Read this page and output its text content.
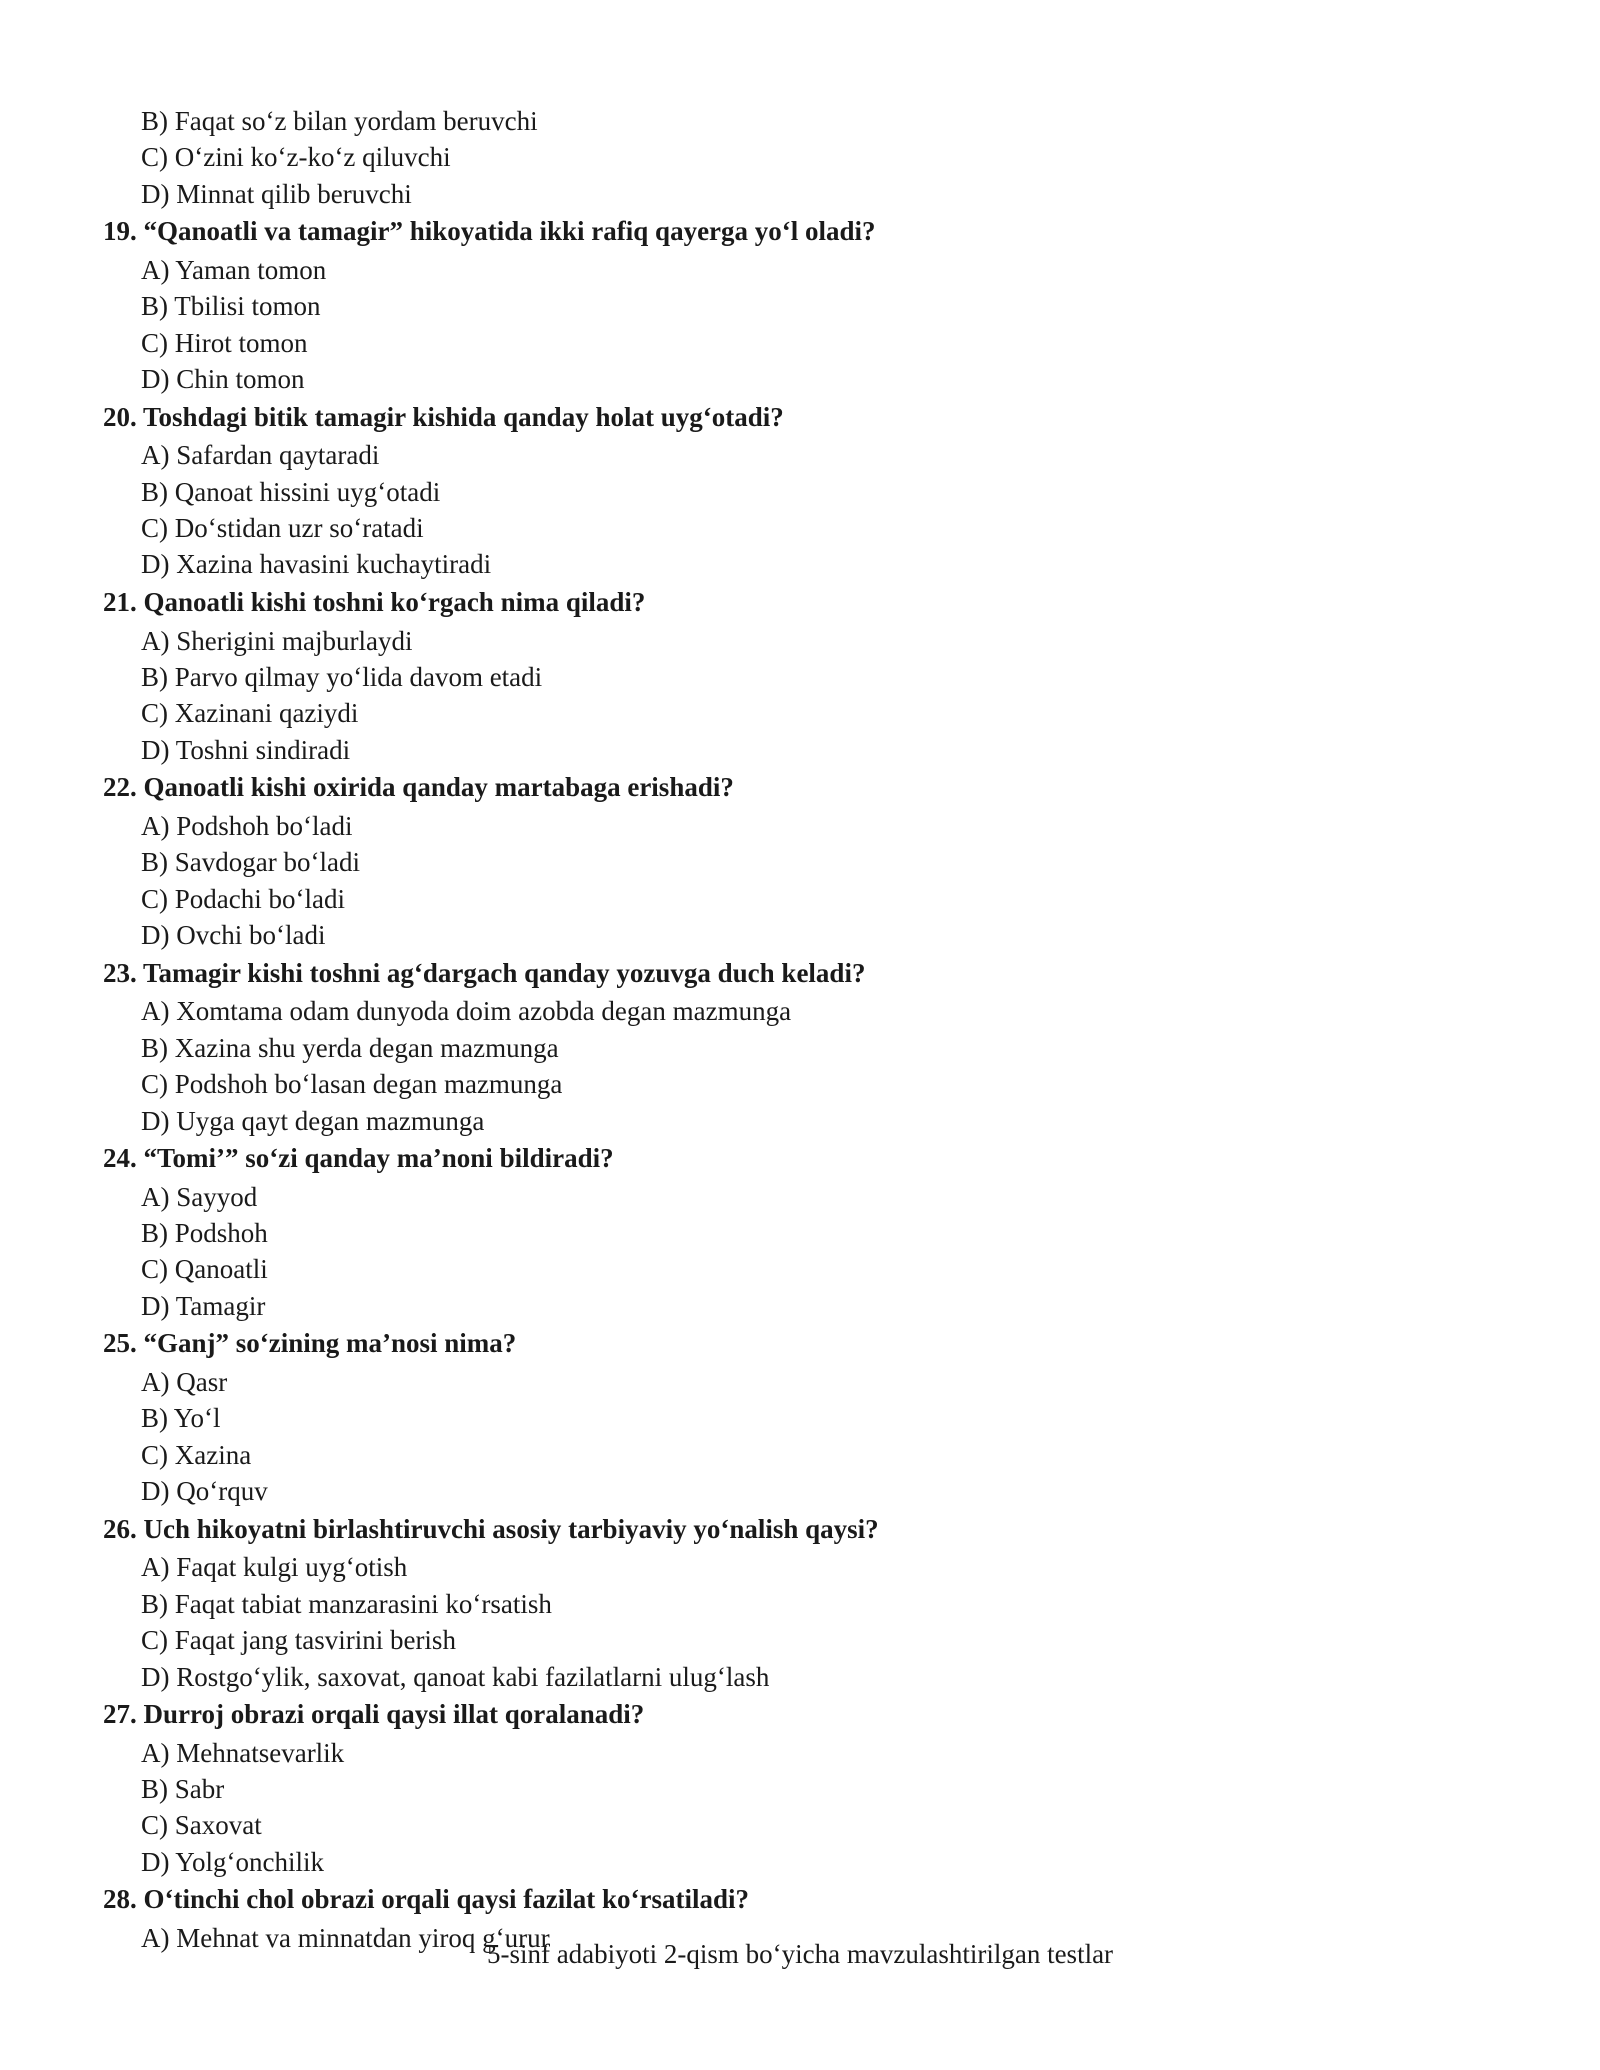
B) Faqat so‘z bilan yordam beruvchi
C) O‘zini ko‘z-ko‘z qiluvchi
D) Minnat qilib beruvchi
19. “Qanoatli va tamagir” hikoyatida ikki rafiq qayerga yo‘l oladi?
A) Yaman tomon
B) Tbilisi tomon
C) Hirot tomon
D) Chin tomon
20. Toshdagi bitik tamagir kishida qanday holat uyg‘otadi?
A) Safardan qaytaradi
B) Qanoat hissini uyg‘otadi
C) Do‘stidan uzr so‘ratadi
D) Xazina havasini kuchaytiradi
21. Qanoatli kishi toshni ko‘rgach nima qiladi?
A) Sherigini majburlaydi
B) Parvo qilmay yo‘lida davom etadi
C) Xazinani qaziydi
D) Toshni sindiradi
22. Qanoatli kishi oxirida qanday martabaga erishadi?
A) Podshoh bo‘ladi
B) Savdogar bo‘ladi
C) Podachi bo‘ladi
D) Ovchi bo‘ladi
23. Tamagir kishi toshni ag‘dargach qanday yozuvga duch keladi?
A) Xomtama odam dunyoda doim azobda degan mazmunga
B) Xazina shu yerda degan mazmunga
C) Podshoh bo‘lasan degan mazmunga
D) Uyga qayt degan mazmunga
24. “Tomi’” so‘zi qanday ma’noni bildiradi?
A) Sayyod
B) Podshoh
C) Qanoatli
D) Tamagir
25. “Ganj” so‘zining ma’nosi nima?
A) Qasr
B) Yo‘l
C) Xazina
D) Qo‘rquv
26. Uch hikoyatni birlashtiruvchi asosiy tarbiyaviy yo‘nalish qaysi?
A) Faqat kulgi uyg‘otish
B) Faqat tabiat manzarasini ko‘rsatish
C) Faqat jang tasvirini berish
D) Rostgo‘ylik, saxovat, qanoat kabi fazilatlarni ulug‘lash
27. Durroj obrazi orqali qaysi illat qoralanadi?
A) Mehnatsevarlik
B) Sabr
C) Saxovat
D) Yolg‘onchilik
28. O‘tinchi chol obrazi orqali qaysi fazilat ko‘rsatiladi?
A) Mehnat va minnatdan yiroq g‘urur
5-sinf adabiyoti 2-qism bo‘yicha mavzulashtirilgan testlar
